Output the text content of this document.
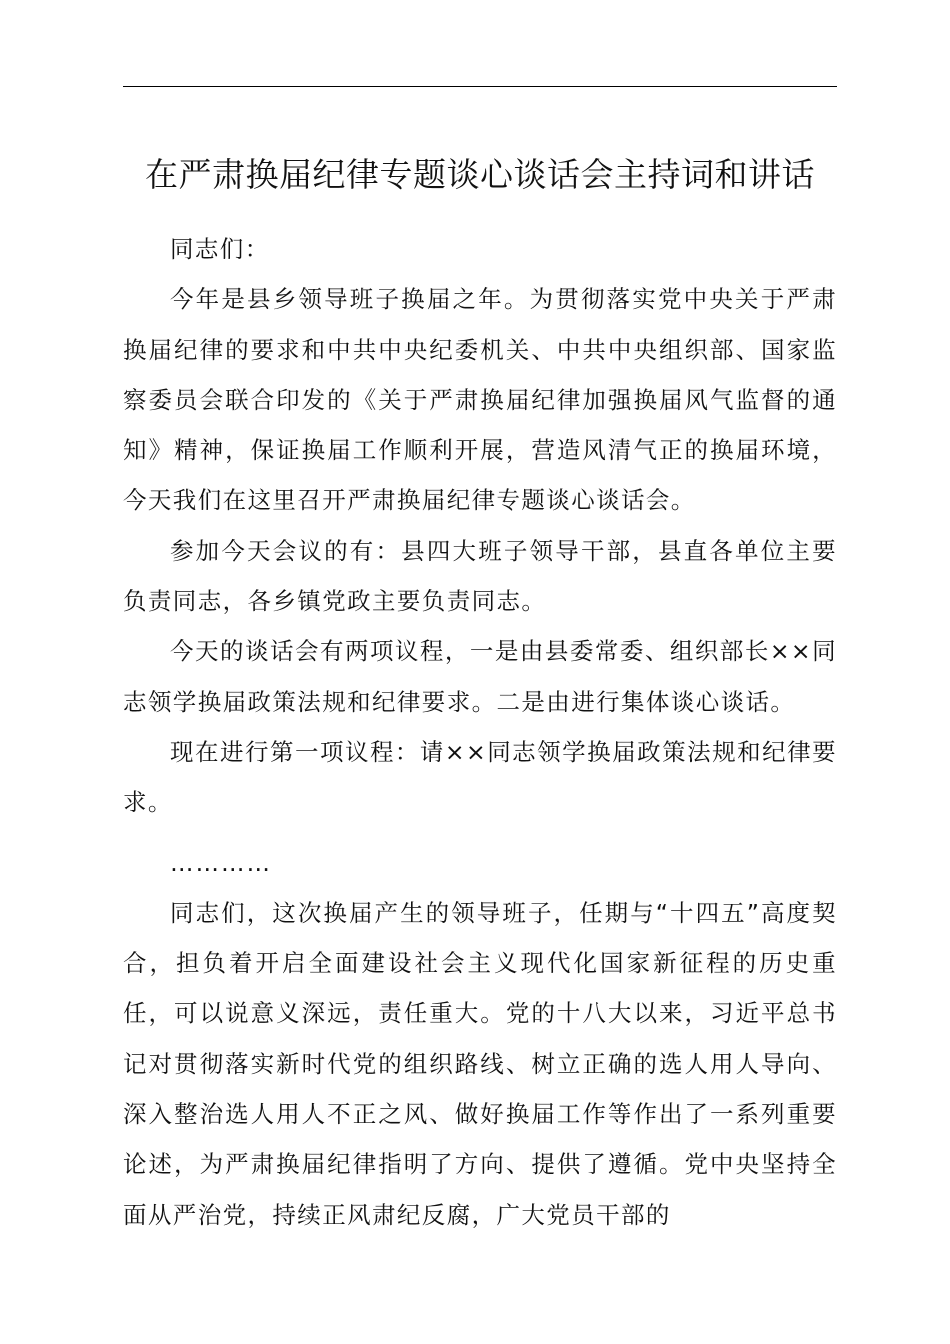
在严肃换届纪律专题谈心谈话会主持词和讲话

同志们：

今年是县乡领导班子换届之年。为贯彻落实党中央关于严肃换届纪律的要求和中共中央纪委机关、中共中央组织部、国家监察委员会联合印发的《关于严肃换届纪律加强换届风气监督的通知》精神，保证换届工作顺利开展，营造风清气正的换届环境，今天我们在这里召开严肃换届纪律专题谈心谈话会。

参加今天会议的有：县四大班子领导干部，县直各单位主要负责同志，各乡镇党政主要负责同志。

今天的谈话会有两项议程，一是由县委常委、组织部长××同志领学换届政策法规和纪律要求。二是由进行集体谈心谈话。

现在进行第一项议程：请××同志领学换届政策法规和纪律要求。

…………

同志们，这次换届产生的领导班子，任期与“十四五”高度契合，担负着开启全面建设社会主义现代化国家新征程的历史重任，可以说意义深远，责任重大。党的十八大以来，习近平总书记对贯彻落实新时代党的组织路线、树立正确的选人用人导向、深入整治选人用人不正之风、做好换届工作等作出了一系列重要论述，为严肃换届纪律指明了方向、提供了遵循。党中央坚持全面从严治党，持续正风肃纪反腐，广大党员干部的
